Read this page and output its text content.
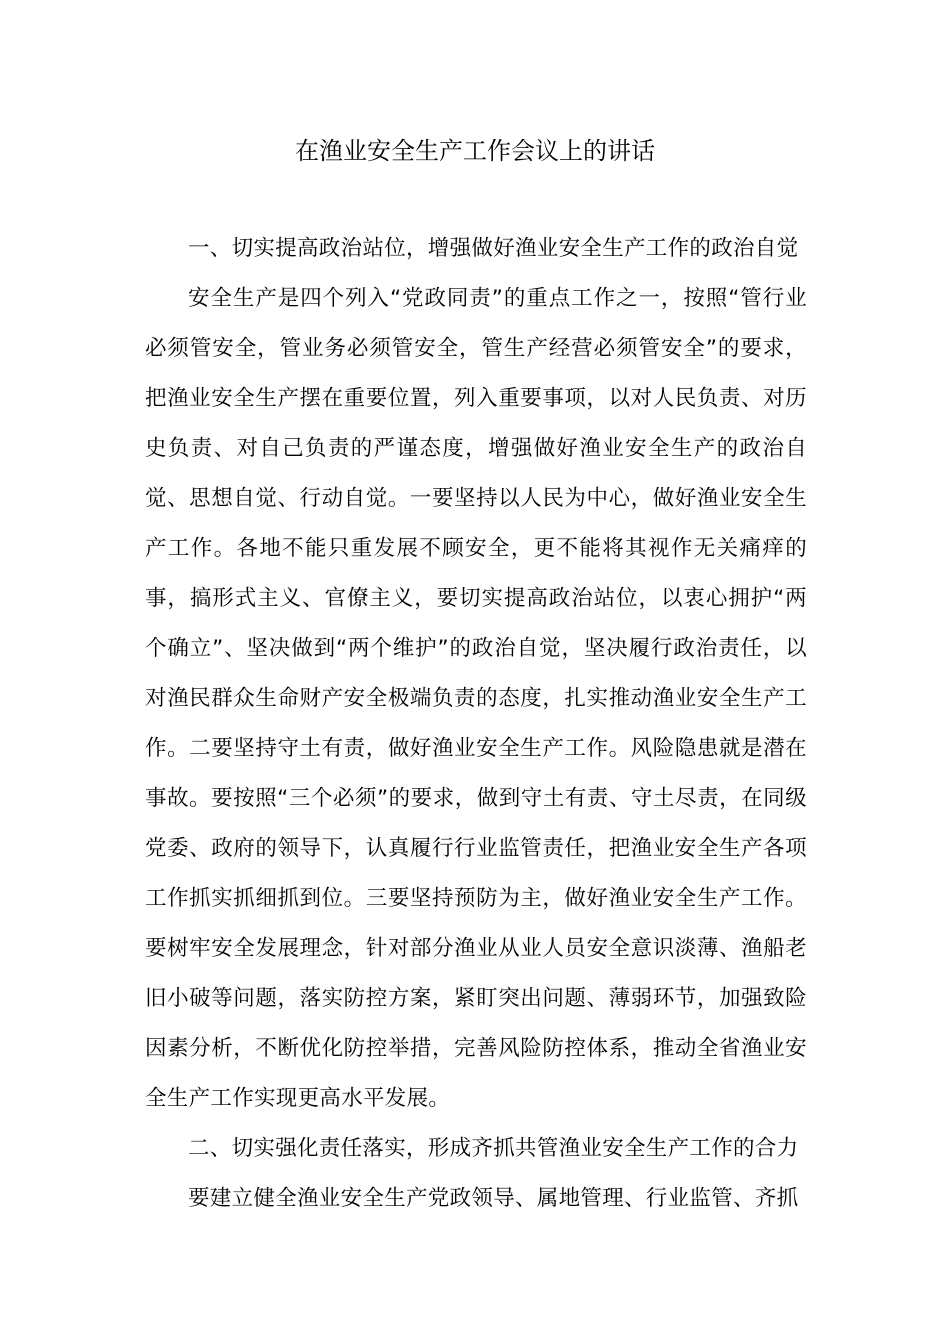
在渔业安全生产工作会议上的讲话

一、切实提高政治站位，增强做好渔业安全生产工作的政治自觉

安全生产是四个列入“党政同责”的重点工作之一，按照“管行业必须管安全，管业务必须管安全，管生产经营必须管安全”的要求，把渔业安全生产摆在重要位置，列入重要事项，以对人民负责、对历史负责、对自己负责的严谨态度，增强做好渔业安全生产的政治自觉、思想自觉、行动自觉。一要坚持以人民为中心，做好渔业安全生产工作。各地不能只重发展不顾安全，更不能将其视作无关痛痒的事，搞形式主义、官僚主义，要切实提高政治站位，以衷心拥护“两个确立”、坚决做到“两个维护”的政治自觉，坚决履行政治责任，以对渔民群众生命财产安全极端负责的态度，扎实推动渔业安全生产工作。二要坚持守土有责，做好渔业安全生产工作。风险隐患就是潜在事故。要按照“三个必须”的要求，做到守土有责、守土尽责，在同级党委、政府的领导下，认真履行行业监管责任，把渔业安全生产各项工作抓实抓细抓到位。三要坚持预防为主，做好渔业安全生产工作。要树牢安全发展理念，针对部分渔业从业人员安全意识淡薄、渔船老旧小破等问题，落实防控方案，紧盯突出问题、薄弱环节，加强致险因素分析，不断优化防控举措，完善风险防控体系，推动全省渔业安全生产工作实现更高水平发展。

二、切实强化责任落实，形成齐抓共管渔业安全生产工作的合力

要建立健全渔业安全生产党政领导、属地管理、行业监管、齐抓
